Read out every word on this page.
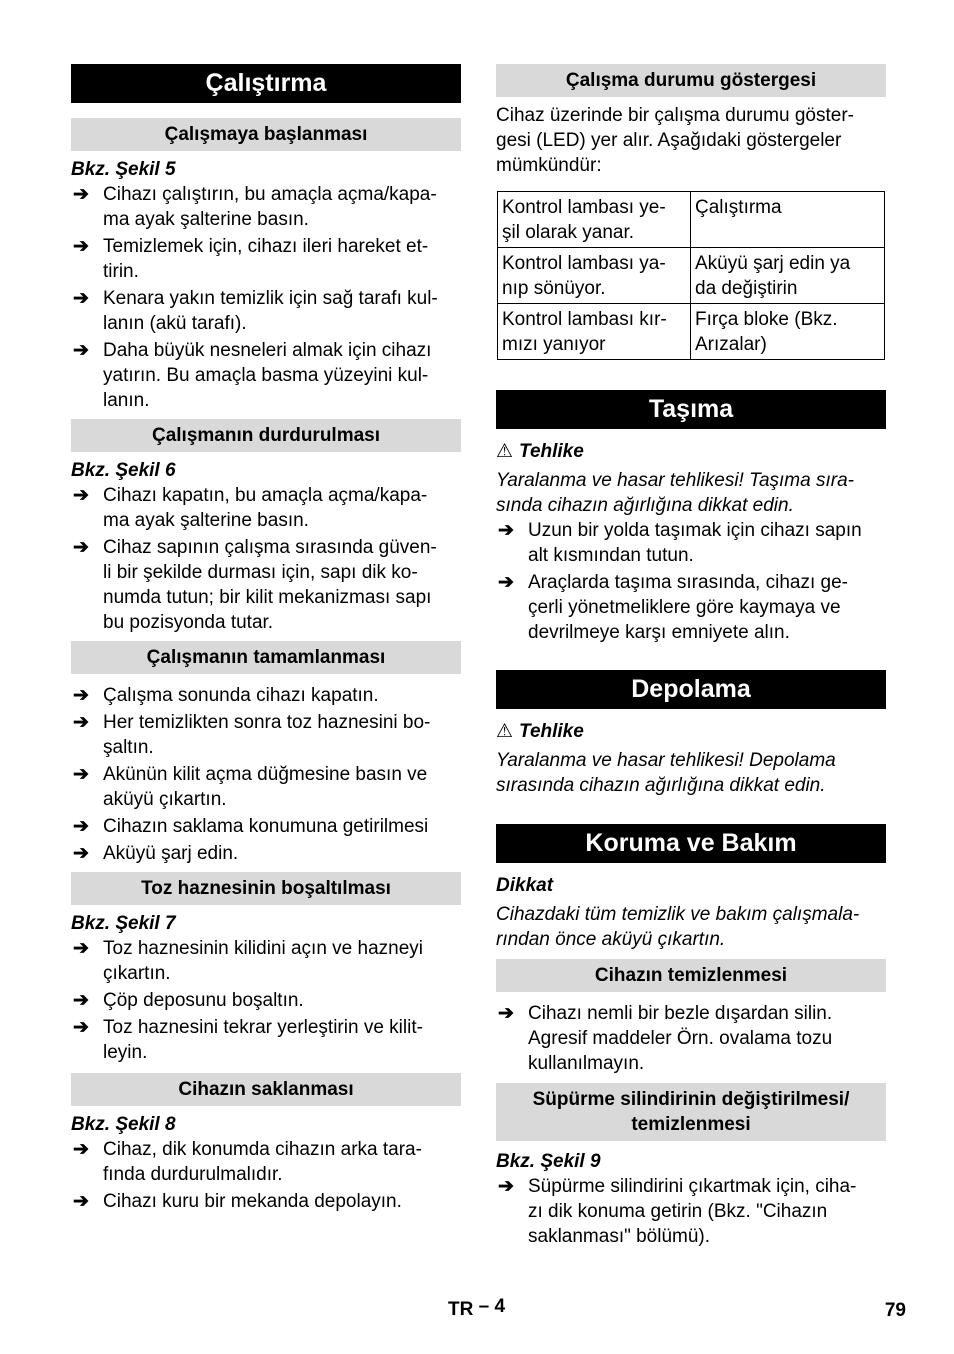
Çalıştırma
Çalışmaya başlanması
Bkz. Şekil 5
➔ Cihazı çalıştırın, bu amaçla açma/kapa-
ma ayak şalterine basın.
➔ Temizlemek için, cihazı ileri hareket et-
tirin.
➔ Kenara yakın temizlik için sağ tarafı kul-
lanın (akü tarafı).
➔ Daha büyük nesneleri almak için cihazı
yatırın. Bu amaçla basma yüzeyini kul-
lanın.
Çalışmanın durdurulması
Bkz. Şekil 6
➔ Cihazı kapatın, bu amaçla açma/kapa-
ma ayak şalterine basın.
➔ Cihaz sapının çalışma sırasında güven-
li bir şekilde durması için, sapı dik ko-
numda tutun; bir kilit mekanizması sapı
bu pozisyonda tutar.
Çalışmanın tamamlanması
➔ Çalışma sonunda cihazı kapatın.
➔ Her temizlikten sonra toz haznesini bo-
şaltın.
➔ Akünün kilit açma düğmesine basın ve
aküyü çıkartın.
➔ Cihazın saklama konumuna getirilmesi
➔ Aküyü şarj edin.
Toz haznesinin boşaltılması
Bkz. Şekil 7
➔ Toz haznesinin kilidini açın ve hazneyi
çıkartın.
➔ Çöp deposunu boşaltın.
➔ Toz haznesini tekrar yerleştirin ve kilit-
leyin.
Cihazın saklanması
Bkz. Şekil 8
➔ Cihaz, dik konumda cihazın arka tara-
fında durdurulmalıdır.
➔ Cihazı kuru bir mekanda depolayın.
Çalışma durumu göstergesi
Cihaz üzerinde bir çalışma durumu göster-
gesi (LED) yer alır. Aşağıdaki göstergeler
mümkündür:
Kontrol lambası ye-
şil olarak yanar.	Çalıştırma
Kontrol lambası ya-
nıp sönüyor.	Aküyü şarj edin ya
da değiştirin
Kontrol lambası kır-
mızı yanıyor	Fırça bloke (Bkz.
Arızalar)
Taşıma
⚠ Tehlike
Yaralanma ve hasar tehlikesi! Taşıma sıra-
sında cihazın ağırlığına dikkat edin.
➔ Uzun bir yolda taşımak için cihazı sapın
alt kısmından tutun.
➔ Araçlarda taşıma sırasında, cihazı ge-
çerli yönetmeliklere göre kaymaya ve
devrilmeye karşı emniyete alın.
Depolama
⚠ Tehlike
Yaralanma ve hasar tehlikesi! Depolama
sırasında cihazın ağırlığına dikkat edin.
Koruma ve Bakım
Dikkat
Cihazdaki tüm temizlik ve bakım çalışmala-
rından önce aküyü çıkartın.
Cihazın temizlenmesi
➔ Cihazı nemli bir bezle dışardan silin.
Agresif maddeler Örn. ovalama tozu
kullanılmayın.
Süpürme silindirinin değiştirilmesi/
temizlenmesi
Bkz. Şekil 9
➔ Süpürme silindirini çıkartmak için, ciha-
zı dik konuma getirin (Bkz. "Cihazın
saklanması" bölümü).
TR – 4	79
